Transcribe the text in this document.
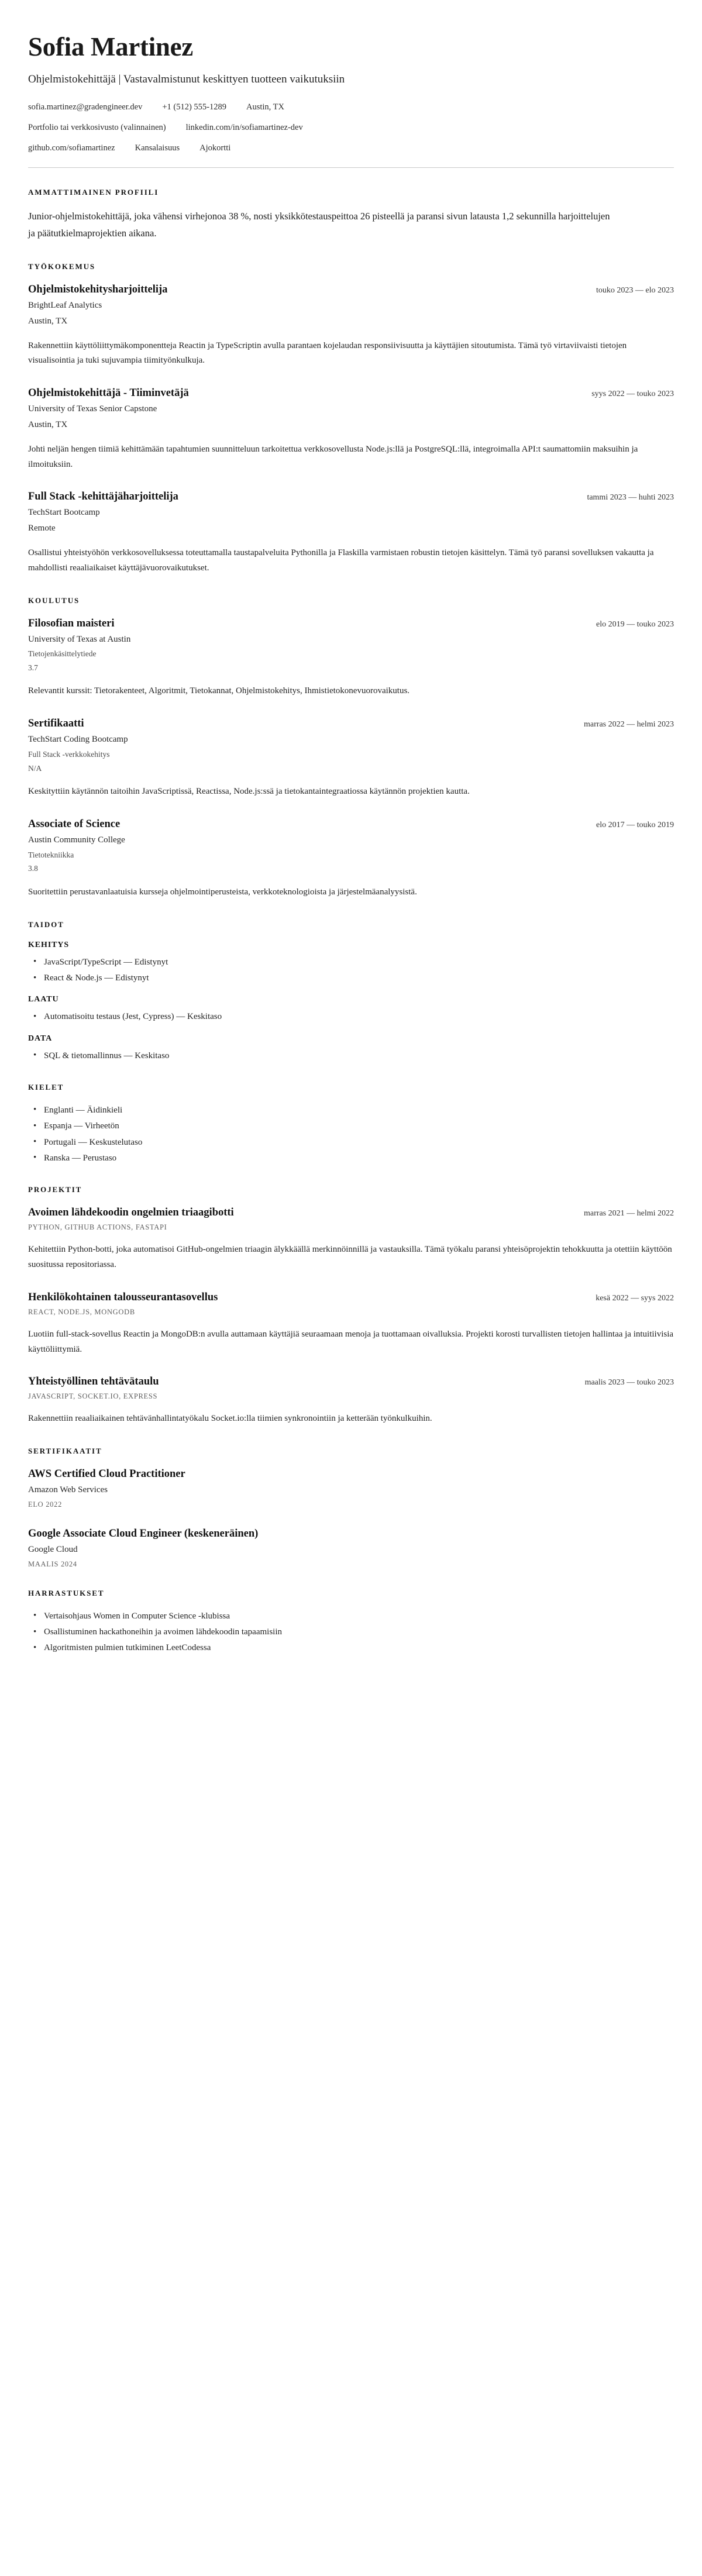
Sofia Martinez
Ohjelmistokehittäjä | Vastavalmistunut keskittyen tuotteen vaikutuksiin
sofia.martinez@gradengineer.dev +1 (512) 555-1289 Austin, TX
Portfolio tai verkkosivusto (valinnainen) linkedin.com/in/sofiamartinez-dev
github.com/sofiamartinez Kansalaisuus Ajokortti
AMMATTIMAINEN PROFIILI

Junior-ohjelmistokehittäjä, joka vähensi virhejonoa 38 %, nosti yksikkötestauspeittoa 26 pisteellä ja paransi sivun latausta 1,2 sekunnilla harjoittelujen ja päätutkielmaprojektien aikana.

TYÖKOKEMUS
Ohjelmistokehitysharjoittelija	touko 2023 — elo 2023
BrightLeaf Analytics
Austin, TX

Rakennettiin käyttöliittymäkomponentteja Reactin ja TypeScriptin avulla parantaen kojelaudan responsiivisuutta ja käyttäjien sitoutumista. Tämä työ virtaviivaisti tietojen visualisointia ja tuki sujuvampia tiimityönkulkuja.

Ohjelmistokehittäjä - Tiiminvetäjä	syys 2022 — touko 2023
University of Texas Senior Capstone
Austin, TX

Johti neljän hengen tiimiä kehittämään tapahtumien suunnitteluun tarkoitettua verkkosovellusta Node.js:llä ja PostgreSQL:llä, integroimalla API:t saumattomiin maksuihin ja ilmoituksiin.

Full Stack -kehittäjäharjoittelija	tammi 2023 — huhti 2023
TechStart Bootcamp
Remote

Osallistui yhteistyöhön verkkosovelluksessa toteuttamalla taustapalveluita Pythonilla ja Flaskilla varmistaen robustin tietojen käsittelyn. Tämä työ paransi sovelluksen vakautta ja mahdollisti reaaliaikaiset käyttäjävuorovaikutukset.

KOULUTUS
Filosofian maisteri	elo 2019 — touko 2023
University of Texas at Austin
Tietojenkäsittelytiede
3.7

Relevantit kurssit: Tietorakenteet, Algoritmit, Tietokannat, Ohjelmistokehitys, Ihmistietokonevuorovaikutus.

Sertifikaatti	marras 2022 — helmi 2023
TechStart Coding Bootcamp
Full Stack -verkkokehitys
N/A

Keskityttiin käytännön taitoihin JavaScriptissä, Reactissa, Node.js:ssä ja tietokantaintegraatiossa käytännön projektien kautta.

Associate of Science	elo 2017 — touko 2019
Austin Community College
Tietotekniikka
3.8

Suoritettiin perustavanlaatuisia kursseja ohjelmointiperusteista, verkkoteknologioista ja järjestelmäanalyysistä.

TAIDOT
KEHITYS
• JavaScript/TypeScript — Edistynyt
• React & Node.js — Edistynyt
LAATU
• Automatisoitu testaus (Jest, Cypress) — Keskitaso
DATA
• SQL & tietomallinnus — Keskitaso
KIELET
• Englanti — Äidinkieli
• Espanja — Virheetön
• Portugali — Keskustelutaso
• Ranska — Perustaso
PROJEKTIT
Avoimen lähdekoodin ongelmien triaagibotti	marras 2021 — helmi 2022
PYTHON, GITHUB ACTIONS, FASTAPI

Kehitettiin Python-botti, joka automatisoi GitHub-ongelmien triaagin älykkäällä merkinnöinnillä ja vastauksilla. Tämä työkalu paransi yhteisöprojektin tehokkuutta ja otettiin käyttöön suositussa repositoriassa.

Henkilökohtainen talousseurantasovellus	kesä 2022 — syys 2022
REACT, NODE.JS, MONGODB

Luotiin full-stack-sovellus Reactin ja MongoDB:n avulla auttamaan käyttäjiä seuraamaan menoja ja tuottamaan oivalluksia. Projekti korosti turvallisten tietojen hallintaa ja intuitiivisia käyttöliittymiä.

Yhteistyöllinen tehtävätaulu	maalis 2023 — touko 2023
JAVASCRIPT, SOCKET.IO, EXPRESS

Rakennettiin reaaliaikainen tehtävänhallintatyökalu Socket.io:lla tiimien synkronointiin ja ketterään työnkulkuihin.

SERTIFIKAATIT
AWS Certified Cloud Practitioner
Amazon Web Services
ELO 2022
Google Associate Cloud Engineer (keskeneräinen)
Google Cloud
MAALIS 2024
HARRASTUKSET
• Vertaisohjaus Women in Computer Science -klubissa
• Osallistuminen hackathoneihin ja avoimen lähdekoodin tapaamisiin
• Algoritmisten pulmien tutkiminen LeetCodessa
